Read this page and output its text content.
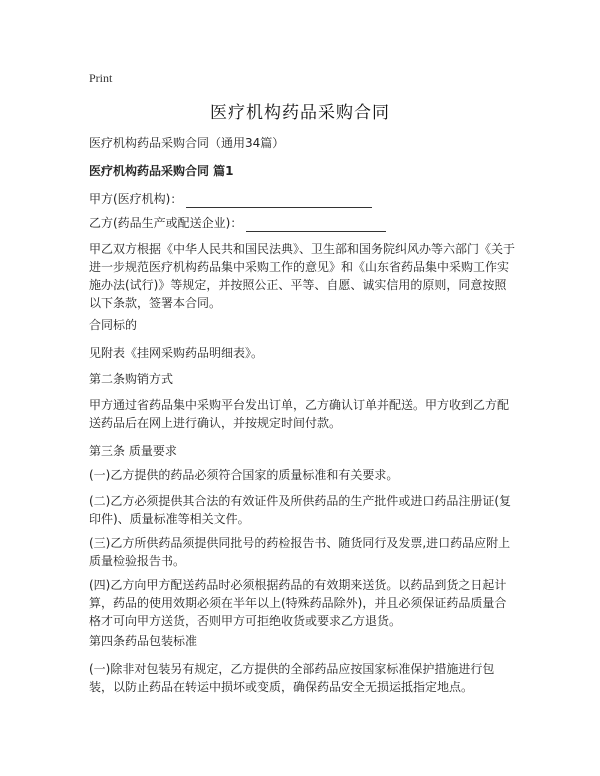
Print
医疗机构药品采购合同
医疗机构药品采购合同（通用34篇）
医疗机构药品采购合同 篇1
甲方(医疗机构)：
乙方(药品生产或配送企业)：
甲乙双方根据《中华人民共和国民法典》、卫生部和国务院纠风办等六部门《关于进一步规范医疗机构药品集中采购工作的意见》和《山东省药品集中采购工作实施办法(试行)》等规定，并按照公正、平等、自愿、诚实信用的原则，同意按照以下条款，签署本合同。
合同标的
见附表《挂网采购药品明细表》。
第二条购销方式
甲方通过省药品集中采购平台发出订单，乙方确认订单并配送。甲方收到乙方配送药品后在网上进行确认，并按规定时间付款。
第三条 质量要求
(一)乙方提供的药品必须符合国家的质量标准和有关要求。
(二)乙方必须提供其合法的有效证件及所供药品的生产批件或进口药品注册证(复印件)、质量标准等相关文件。
(三)乙方所供药品须提供同批号的药检报告书、随货同行及发票,进口药品应附上质量检验报告书。
(四)乙方向甲方配送药品时必须根据药品的有效期来送货。以药品到货之日起计算，药品的使用效期必须在半年以上(特殊药品除外)，并且必须保证药品质量合格才可向甲方送货，否则甲方可拒绝收货或要求乙方退货。
第四条药品包装标准
(一)除非对包装另有规定，乙方提供的全部药品应按国家标准保护措施进行包装，以防止药品在转运中损坏或变质，确保药品安全无损运抵指定地点。
